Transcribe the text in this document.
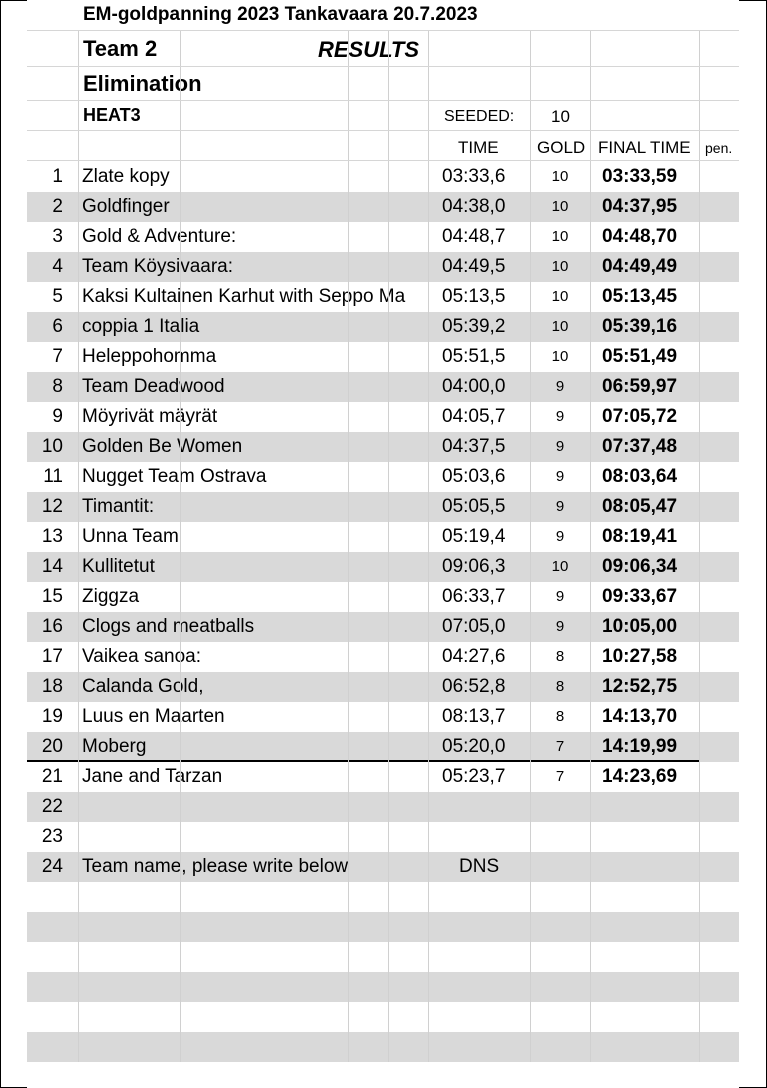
EM-goldpanning 2023 Tankavaara 20.7.2023
Team 2	RESULTS
Elimination
HEAT3	SEEDED: 10
TIME GOLD FINAL TIME pen.
1 Zlate kopy	03:33,6	10 03:33,59
2 Goldfinger	04:38,0	10 04:37,95
3 Gold & Adventure:	04:48,7	10 04:48,70
4 Team Köysivaara:	04:49,5	10 04:49,49
5 Kaksi Kultainen Karhut with Seppo Ma	05:13,5	10 05:13,45
6 coppia 1 Italia	05:39,2	10 05:39,16
7 Heleppohomma	05:51,5	10 05:51,49
8 Team Deadwood	04:00,0	9	06:59,97
9 Möyrivät mäyrät	04:05,7	9	07:05,72
10 Golden Be Women	04:37,5	9	07:37,48
11 Nugget Team Ostrava	05:03,6	9	08:03,64
12 Timantit:	05:05,5	9	08:05,47
13 Unna Team	05:19,4	9	08:19,41
14 Kullitetut	09:06,3	10 09:06,34
15 Ziggza	06:33,7	9	09:33,67
16 Clogs and meatballs	07:05,0	9	10:05,00
17 Vaikea sanoa:	04:27,6	8	10:27,58
18 Calanda Gold,	06:52,8	8	12:52,75
19 Luus en Maarten	08:13,7	8	14:13,70
20 Moberg	05:20,0	7	14:19,99
21 Jane and Tarzan	05:23,7	7	14:23,69
22
23
24 Team name, please write below	DNS
